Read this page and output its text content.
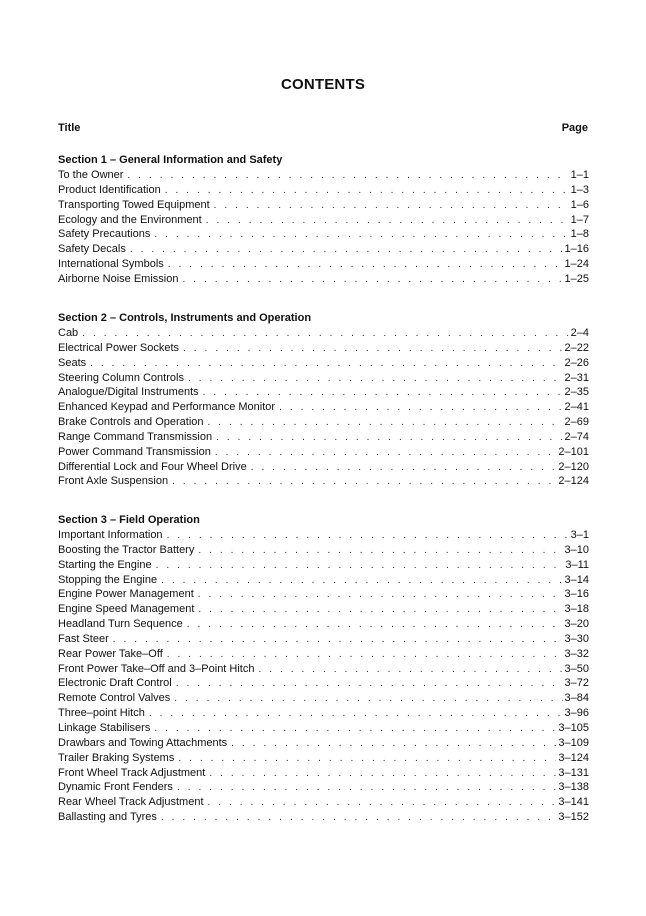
CONTENTS
Title	Page
Section 1 – General Information and Safety
To the Owner . . .	1–1
Product Identification . . .	1–3
Transporting Towed Equipment . . .	1–6
Ecology and the Environment . . .	1–7
Safety Precautions . . .	1–8
Safety Decals . . .	1–16
International Symbols . . .	1–24
Airborne Noise Emission . . .	1–25
Section 2 – Controls, Instruments and Operation
Cab . . .	2–4
Electrical Power Sockets . . .	2–22
Seats . . .	2–26
Steering Column Controls . . .	2–31
Analogue/Digital Instruments . . .	2–35
Enhanced Keypad and Performance Monitor . . .	2–41
Brake Controls and Operation . . .	2–69
Range Command Transmission . . .	2–74
Power Command Transmission . . .	2–101
Differential Lock and Four Wheel Drive . . .	2–120
Front Axle Suspension . . .	2–124
Section 3 – Field Operation
Important Information . . .	3–1
Boosting the Tractor Battery . . .	3–10
Starting the Engine . . .	3–11
Stopping the Engine . . .	3–14
Engine Power Management . . .	3–16
Engine Speed Management . . .	3–18
Headland Turn Sequence . . .	3–20
Fast Steer . . .	3–30
Rear Power Take–Off . . .	3–32
Front Power Take–Off and 3–Point Hitch . . .	3–50
Electronic Draft Control . . .	3–72
Remote Control Valves . . .	3–84
Three–point Hitch . . .	3–96
Linkage Stabilisers . . .	3–105
Drawbars and Towing Attachments . . .	3–109
Trailer Braking Systems . . .	3–124
Front Wheel Track Adjustment . . .	3–131
Dynamic Front Fenders . . .	3–138
Rear Wheel Track Adjustment . . .	3–141
Ballasting and Tyres . . .	3–152
